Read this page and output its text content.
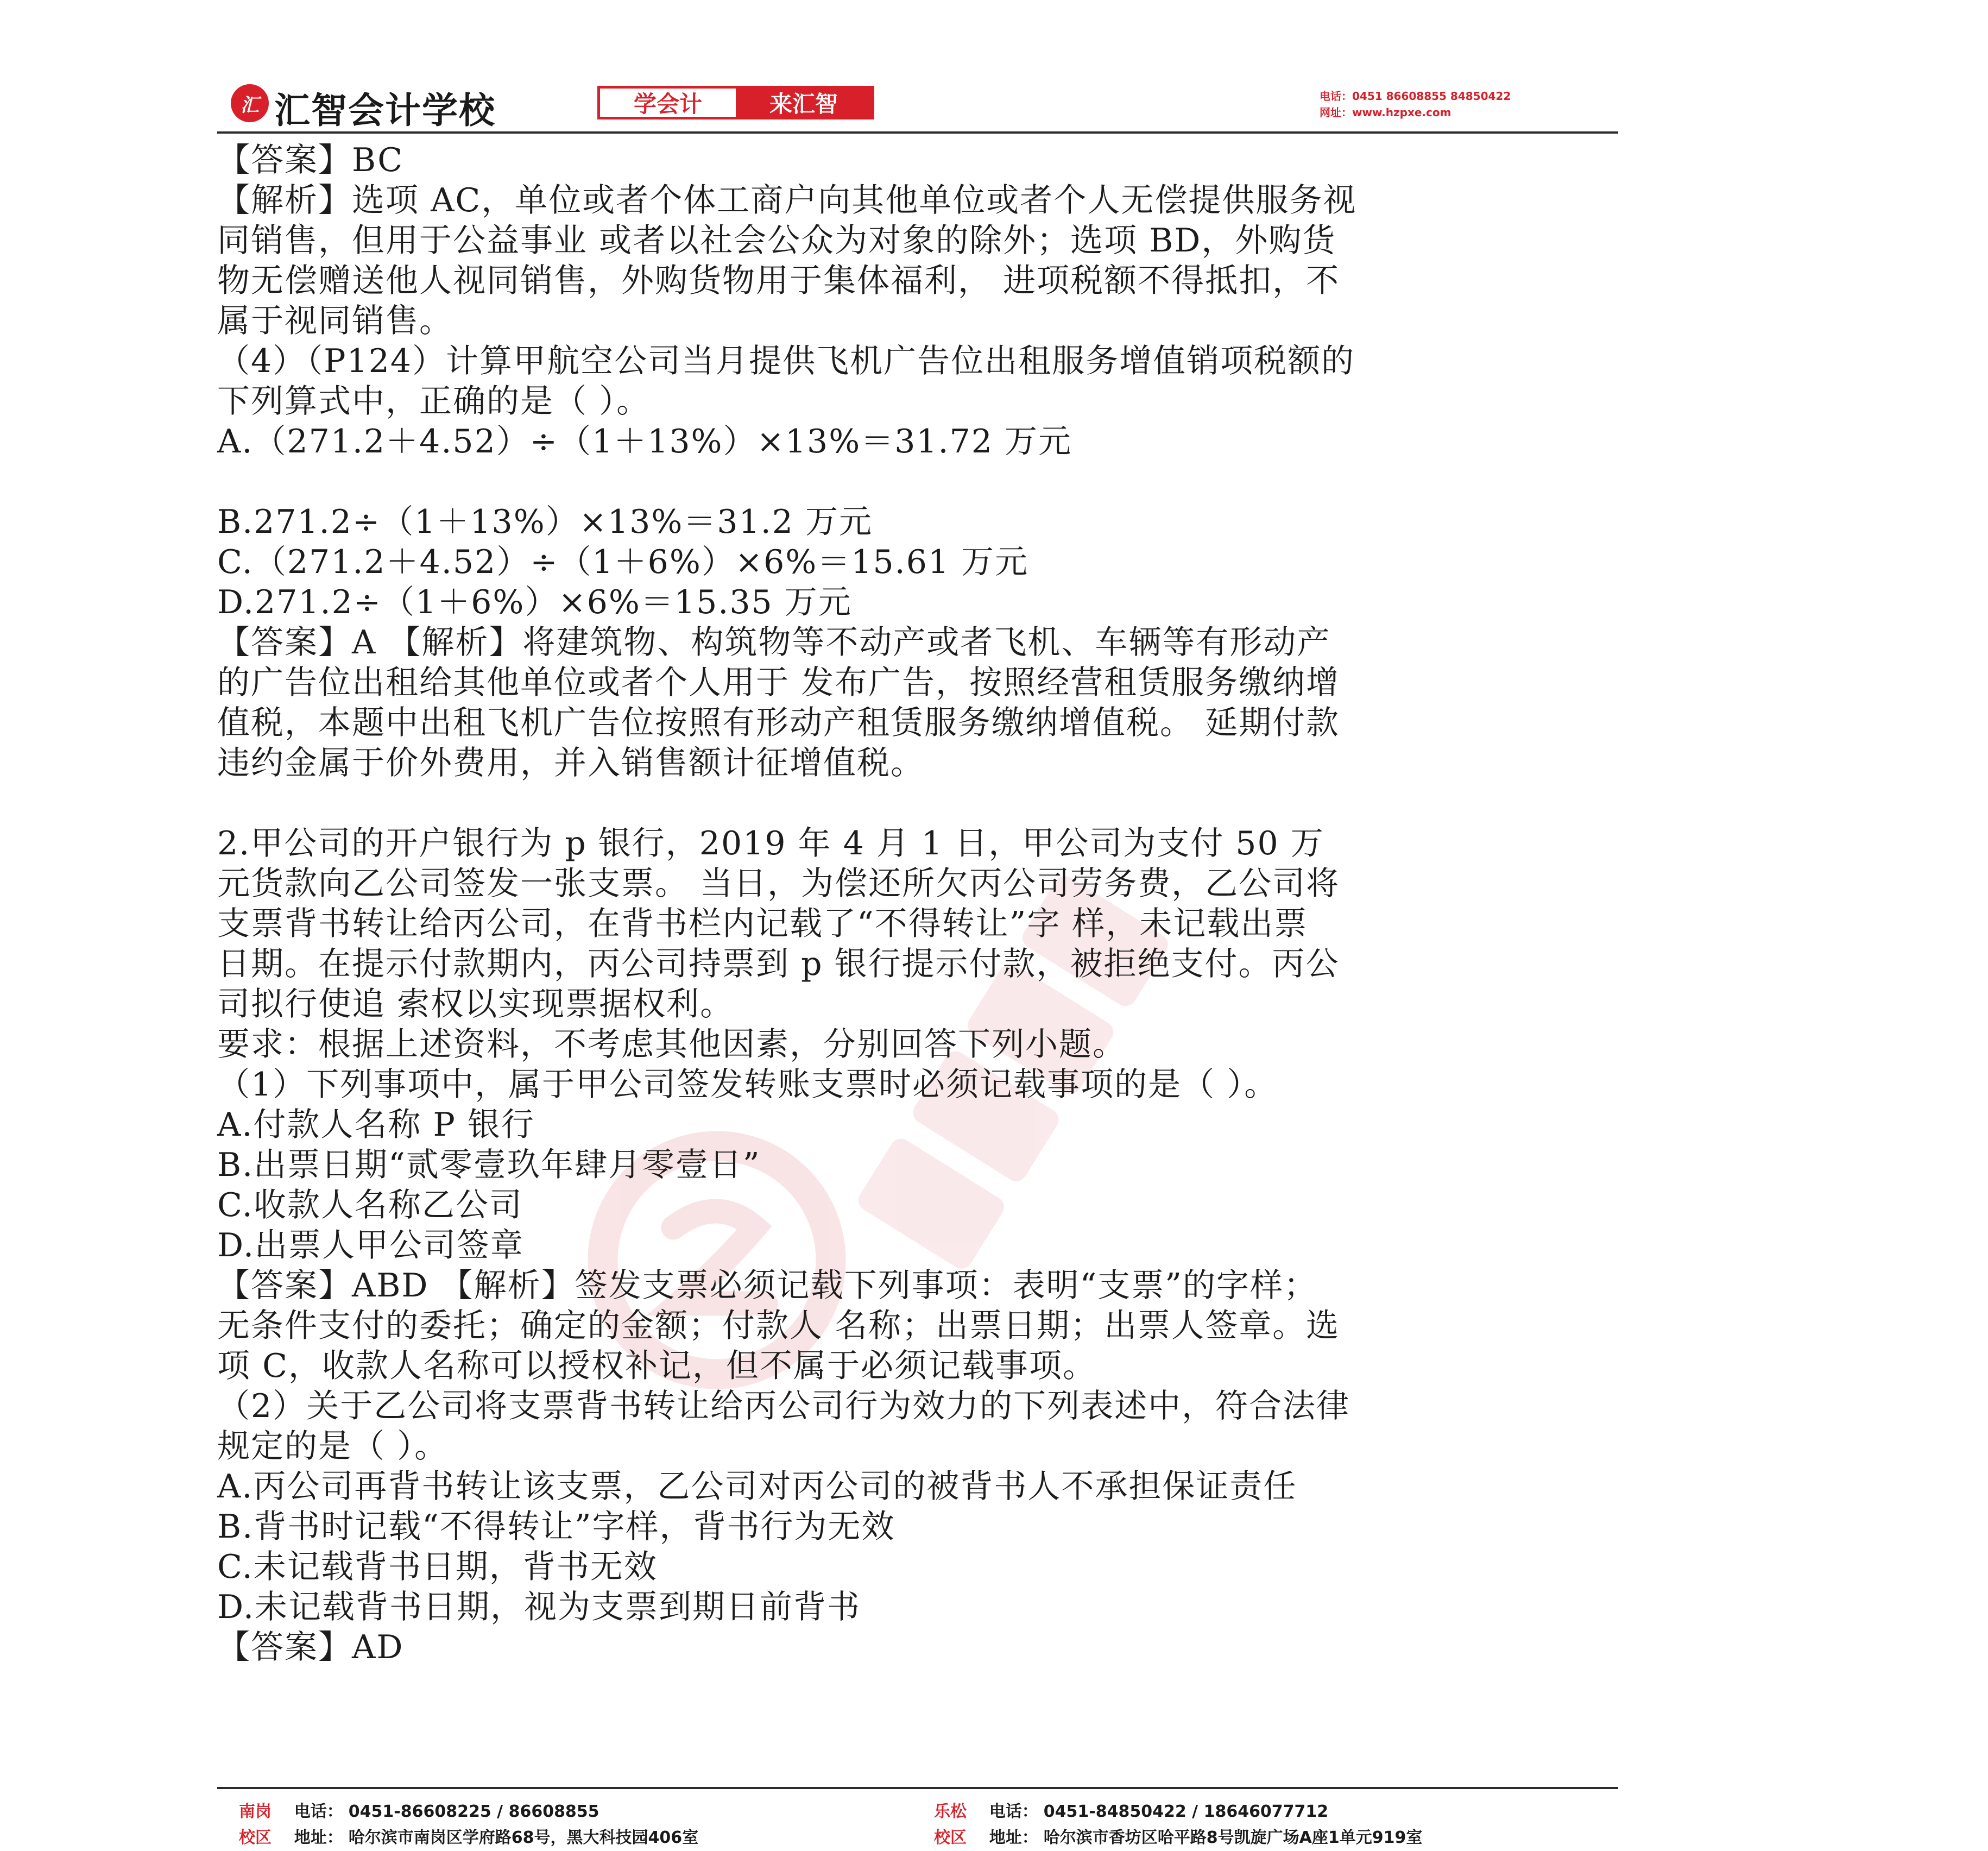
汇 汇智会计学校	学会计	来汇智	电话：0451 86608855 84850422
网址：www.hzpxe.com
【答案】BC
【解析】选项 AC，单位或者个体工商户向其他单位或者个人无偿提供服务视
同销售，但用于公益事业 或者以社会公众为对象的除外；选项 BD，外购货
物无偿赠送他人视同销售，外购货物用于集体福利， 进项税额不得抵扣，不
属于视同销售。
（4）（P124）计算甲航空公司当月提供飞机广告位出租服务增值销项税额的
下列算式中，正确的是（ ）。
A.（271.2＋4.52）÷（1＋13%）×13%＝31.72 万元
B.271.2÷（1＋13%）×13%＝31.2 万元
C.（271.2＋4.52）÷（1＋6%）×6%＝15.61 万元
D.271.2÷（1＋6%）×6%＝15.35 万元
【答案】A 【解析】将建筑物、构筑物等不动产或者飞机、车辆等有形动产
的广告位出租给其他单位或者个人用于 发布广告，按照经营租赁服务缴纳增
值税，本题中出租飞机广告位按照有形动产租赁服务缴纳增值税。 延期付款
违约金属于价外费用，并入销售额计征增值税。
2.甲公司的开户银行为 p 银行，2019 年 4 月 1 日，甲公司为支付 50 万
元货款向乙公司签发一张支票。 当日，为偿还所欠丙公司劳务费，乙公司将
支票背书转让给丙公司，在背书栏内记载了“不得转让”字 样，未记载出票
日期。在提示付款期内，丙公司持票到 p 银行提示付款，被拒绝支付。丙公
司拟行使追 索权以实现票据权利。
要求：根据上述资料，不考虑其他因素，分别回答下列小题。
（1）下列事项中，属于甲公司签发转账支票时必须记载事项的是（ ）。
A.付款人名称 P 银行
B.出票日期“贰零壹玖年肆月零壹日”
C.收款人名称乙公司
D.出票人甲公司签章
【答案】ABD 【解析】签发支票必须记载下列事项：表明“支票”的字样；
无条件支付的委托；确定的金额；付款人 名称；出票日期；出票人签章。选
项 C，收款人名称可以授权补记，但不属于必须记载事项。
（2）关于乙公司将支票背书转让给丙公司行为效力的下列表述中，符合法律
规定的是（ ）。
A.丙公司再背书转让该支票，乙公司对丙公司的被背书人不承担保证责任
B.背书时记载“不得转让”字样，背书行为无效
C.未记载背书日期，背书无效
D.未记载背书日期，视为支票到期日前背书
【答案】AD
南岗 电话： 0451-86608225 / 86608855
校区 地址： 哈尔滨市南岗区学府路68号，黑大科技园406室
乐松 电话： 0451-84850422 / 18646077712
校区 地址： 哈尔滨市香坊区哈平路8号凯旋广场A座1单元919室
